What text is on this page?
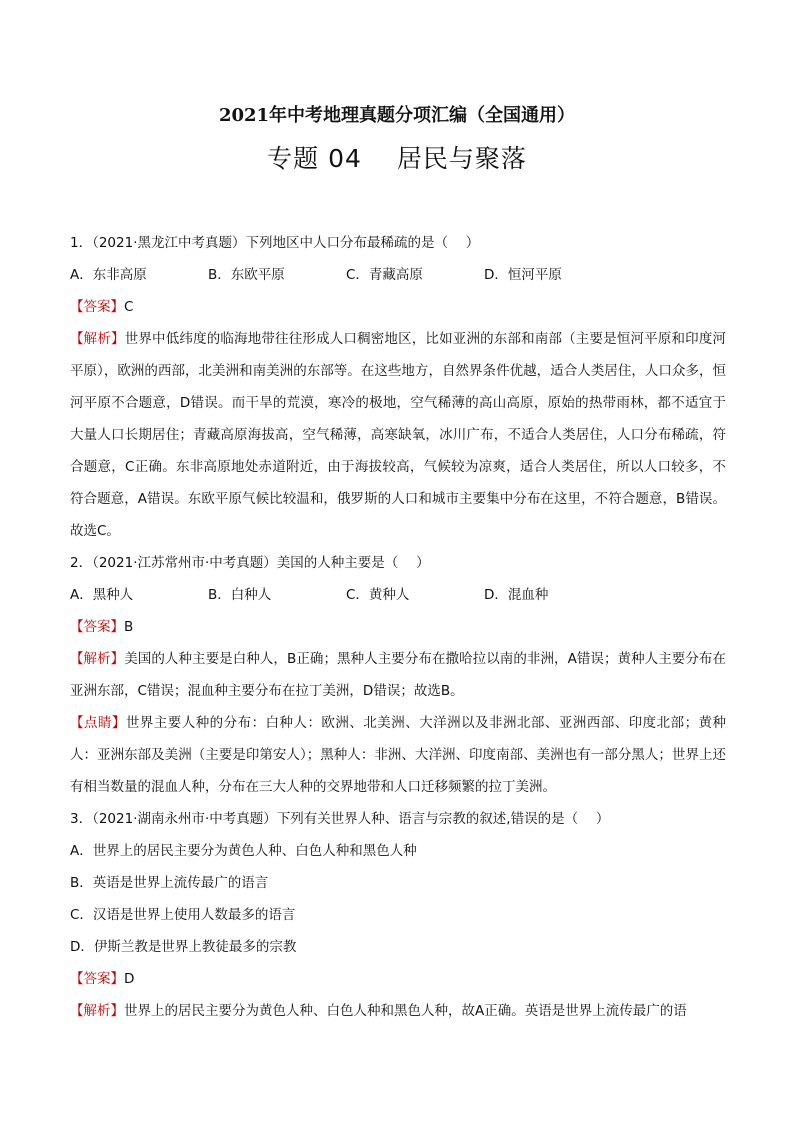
2021年中考地理真题分项汇编（全国通用）
专题 04　 居民与聚落
1．（2021·黑龙江中考真题）下列地区中人口分布最稀疏的是（　 ）
A．东非高原	B．东欧平原	C．青藏高原	D．恒河平原
【答案】C
【解析】世界中低纬度的临海地带往往形成人口稠密地区，比如亚洲的东部和南部（主要是恒河平原和印度河平原），欧洲的西部，北美洲和南美洲的东部等。在这些地方，自然界条件优越，适合人类居住，人口众多，恒河平原不合题意，D错误。而干旱的荒漠，寒冷的极地，空气稀薄的高山高原，原始的热带雨林，都不适宜于大量人口长期居住；青藏高原海拔高，空气稀薄，高寒缺氧，冰川广布，不适合人类居住，人口分布稀疏，符合题意，C正确。东非高原地处赤道附近，由于海拔较高，气候较为凉爽，适合人类居住，所以人口较多，不符合题意，A错误。东欧平原气候比较温和，俄罗斯的人口和城市主要集中分布在这里，不符合题意，B错误。故选C。
2．（2021·江苏常州市·中考真题）美国的人种主要是（　 ）
A．黑种人	B．白种人	C．黄种人	D．混血种
【答案】B
【解析】美国的人种主要是白种人，B正确；黑种人主要分布在撒哈拉以南的非洲，A错误；黄种人主要分布在亚洲东部，C错误；混血种主要分布在拉丁美洲，D错误；故选B。
【点睛】世界主要人种的分布：白种人：欧洲、北美洲、大洋洲以及非洲北部、亚洲西部、印度北部；黄种人：亚洲东部及美洲（主要是印第安人）；黑种人：非洲、大洋洲、印度南部、美洲也有一部分黑人；世界上还有相当数量的混血人种，分布在三大人种的交界地带和人口迁移频繁的拉丁美洲。
3．（2021·湖南永州市·中考真题）下列有关世界人种、语言与宗教的叙述,错误的是（　 ）
A．世界上的居民主要分为黄色人种、白色人种和黑色人种
B．英语是世界上流传最广的语言
C．汉语是世界上使用人数最多的语言
D．伊斯兰教是世界上教徒最多的宗教
【答案】D
【解析】世界上的居民主要分为黄色人种、白色人种和黑色人种，故A正确。英语是世界上流传最广的语
